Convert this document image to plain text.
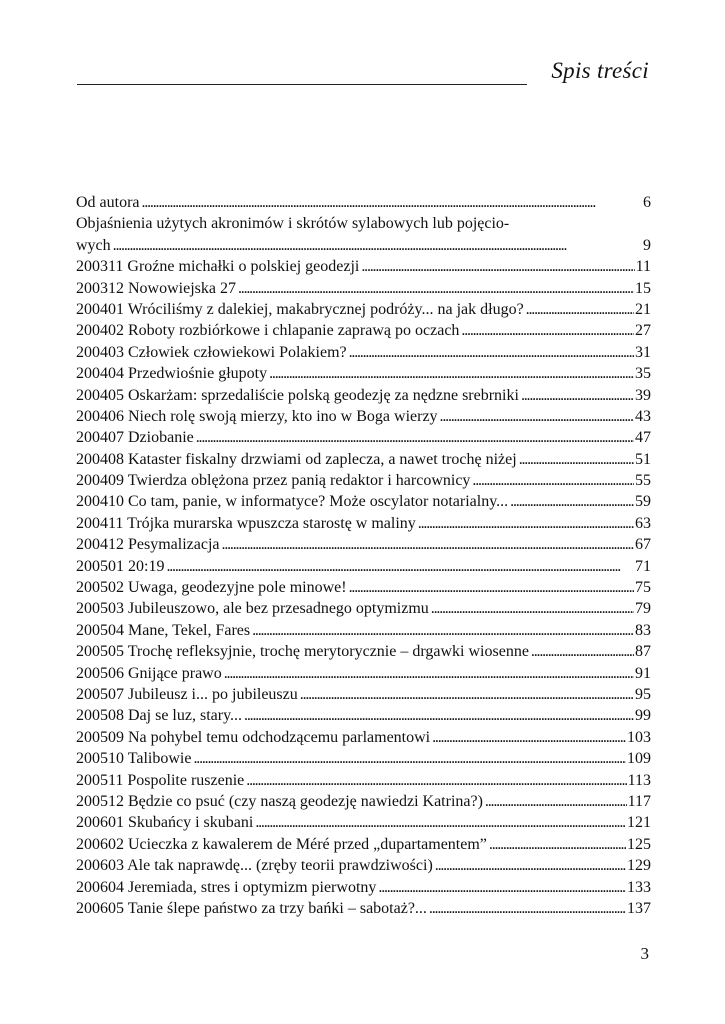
Spis treści
Od autora . . .	6
Objaśnienia użytych akronimów i skrótów sylabowych lub pojęcio-
wych . . .	9
200311 Groźne michałki o polskiej geodezji . . .	11
200312 Nowowiejska 27 . . .	15
200401 Wróciliśmy z dalekiej, makabrycznej podróży... na jak długo? . . .	21
200402 Roboty rozbiórkowe i chlapanie zaprawą po oczach . . .	27
200403 Człowiek człowiekowi Polakiem? . . .	31
200404 Przedwiośnie głupoty . . .	35
200405 Oskarżam: sprzedaliście polską geodezję za nędzne srebrniki . . .	39
200406 Niech rolę swoją mierzy, kto ino w Boga wierzy . . .	43
200407 Dziobanie . . .	47
200408 Kataster fiskalny drzwiami od zaplecza, a nawet trochę niżej . . .	51
200409 Twierdza oblężona przez panią redaktor i harcownicy . . .	55
200410 Co tam, panie, w informatyce? Może oscylator notarialny... . . .	59
200411 Trójka murarska wpuszcza starostę w maliny . . .	63
200412 Pesymalizacja . . .	67
200501 20:19 . . .	71
200502 Uwaga, geodezyjne pole minowe! . . .	75
200503 Jubileuszowo, ale bez przesadnego optymizmu . . .	79
200504 Mane, Tekel, Fares . . .	83
200505 Trochę refleksyjnie, trochę merytorycznie – drgawki wiosenne . . .	87
200506 Gnijące prawo . . .	91
200507 Jubileusz i... po jubileuszu . . .	95
200508 Daj se luz, stary... . . .	99
200509 Na pohybel temu odchodzącemu parlamentowi . . .	103
200510 Talibowie . . .	109
200511 Pospolite ruszenie . . .	113
200512 Będzie co psuć (czy naszą geodezję nawiedzi Katrina?) . . .	117
200601 Skubańcy i skubani . . .	121
200602 Ucieczka z kawalerem de Méré przed „dupartamentem” . . .	125
200603 Ale tak naprawdę... (zręby teorii prawdziwości) . . .	129
200604 Jeremiada, stres i optymizm pierwotny . . .	133
200605 Tanie ślepe państwo za trzy bańki – sabotaż?... . . .	137
3
